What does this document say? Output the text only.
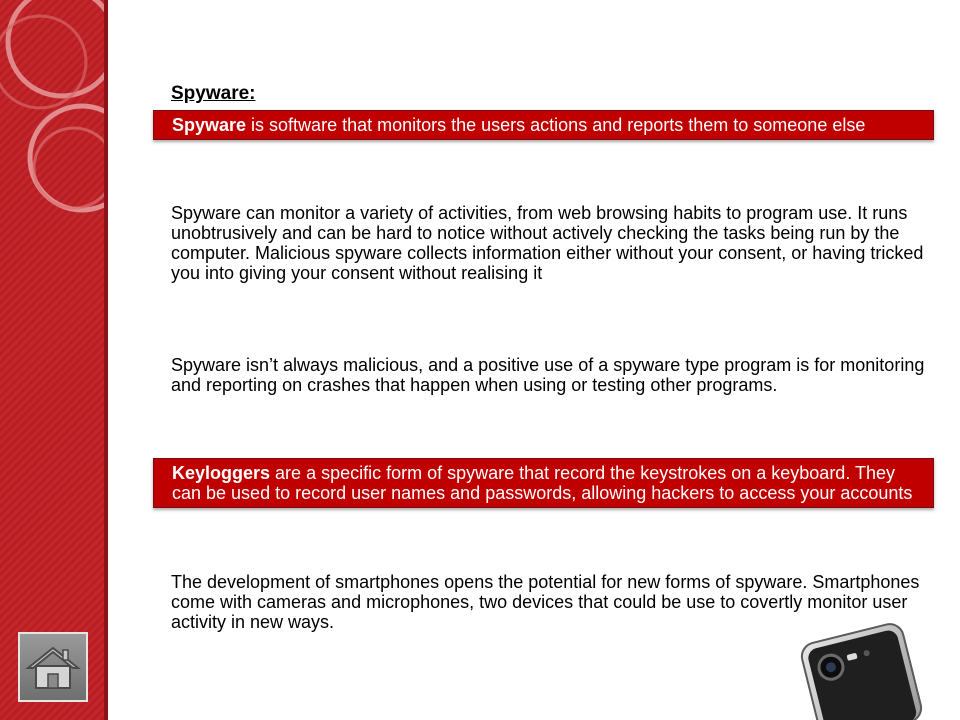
Spyware:
Spyware is software that monitors the users actions and reports them to someone else
Spyware can monitor a variety of activities, from web browsing habits to program use. It runs unobtrusively and can be hard to notice without actively checking the tasks being run by the computer. Malicious spyware collects information either without your consent, or having tricked you into giving your consent without realising it
Spyware isn’t always malicious, and a positive use of a spyware type program is for monitoring and reporting on crashes that happen when using or testing other programs.
Keyloggers are a specific form of spyware that record the keystrokes on a keyboard. They can be used to record user names and passwords, allowing hackers to access your accounts
The development of smartphones opens the potential for new forms of spyware. Smartphones come with cameras and microphones, two devices that could be use to covertly monitor user activity in new ways.
